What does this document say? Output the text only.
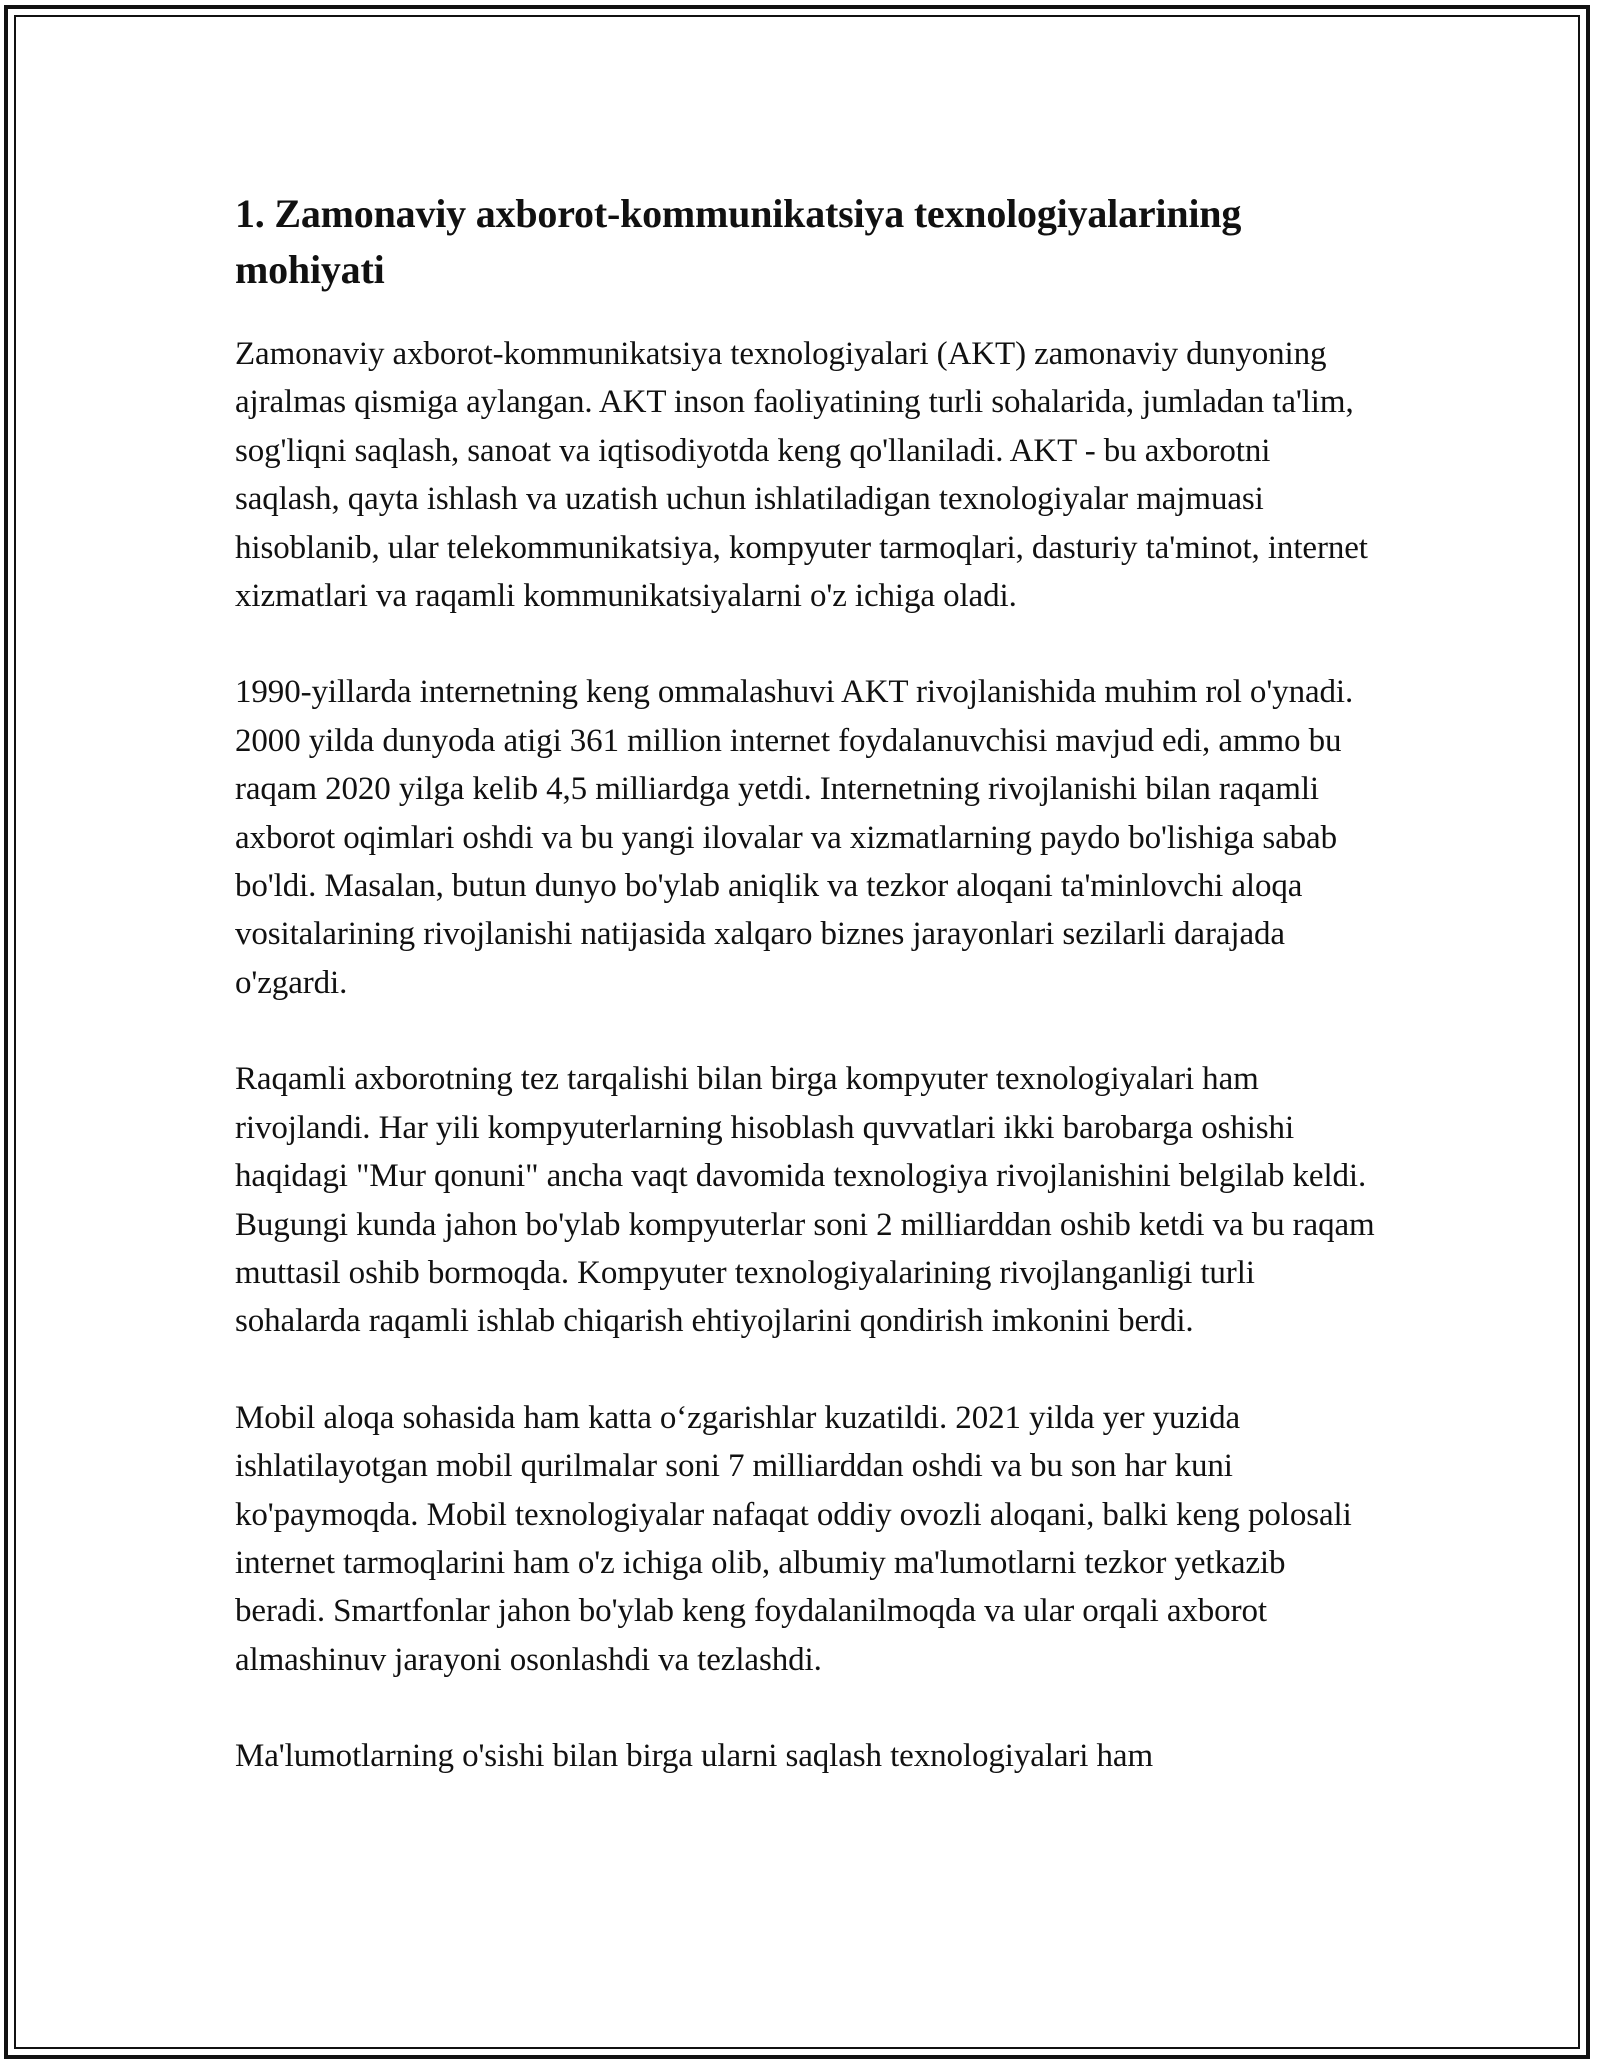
1. Zamonaviy axborot-kommunikatsiya texnologiyalarining mohiyati

Zamonaviy axborot-kommunikatsiya texnologiyalari (AKT) zamonaviy dunyoning ajralmas qismiga aylangan. AKT inson faoliyatining turli sohalarida, jumladan ta'lim, sog'liqni saqlash, sanoat va iqtisodiyotda keng qo'llaniladi. AKT - bu axborotni saqlash, qayta ishlash va uzatish uchun ishlatiladigan texnologiyalar majmuasi hisoblanib, ular telekommunikatsiya, kompyuter tarmoqlari, dasturiy ta'minot, internet xizmatlari va raqamli kommunikatsiyalarni o'z ichiga oladi.

1990-yillarda internetning keng ommalashuvi AKT rivojlanishida muhim rol o'ynadi. 2000 yilda dunyoda atigi 361 million internet foydalanuvchisi mavjud edi, ammo bu raqam 2020 yilga kelib 4,5 milliardga yetdi. Internetning rivojlanishi bilan raqamli axborot oqimlari oshdi va bu yangi ilovalar va xizmatlarning paydo bo'lishiga sabab bo'ldi. Masalan, butun dunyo bo'ylab aniqlik va tezkor aloqani ta'minlovchi aloqa vositalarining rivojlanishi natijasida xalqaro biznes jarayonlari sezilarli darajada o'zgardi.

Raqamli axborotning tez tarqalishi bilan birga kompyuter texnologiyalari ham rivojlandi. Har yili kompyuterlarning hisoblash quvvatlari ikki barobarga oshishi haqidagi "Mur qonuni" ancha vaqt davomida texnologiya rivojlanishini belgilab keldi. Bugungi kunda jahon bo'ylab kompyuterlar soni 2 milliarddan oshib ketdi va bu raqam muttasil oshib bormoqda. Kompyuter texnologiyalarining rivojlanganligi turli sohalarda raqamli ishlab chiqarish ehtiyojlarini qondirish imkonini berdi.

Mobil aloqa sohasida ham katta o‘zgarishlar kuzatildi. 2021 yilda yer yuzida ishlatilayotgan mobil qurilmalar soni 7 milliarddan oshdi va bu son har kuni ko'paymoqda. Mobil texnologiyalar nafaqat oddiy ovozli aloqani, balki keng polosali internet tarmoqlarini ham o'z ichiga olib, albumiy ma'lumotlarni tezkor yetkazib beradi. Smartfonlar jahon bo'ylab keng foydalanilmoqda va ular orqali axborot almashinuv jarayoni osonlashdi va tezlashdi.

Ma'lumotlarning o'sishi bilan birga ularni saqlash texnologiyalari ham
